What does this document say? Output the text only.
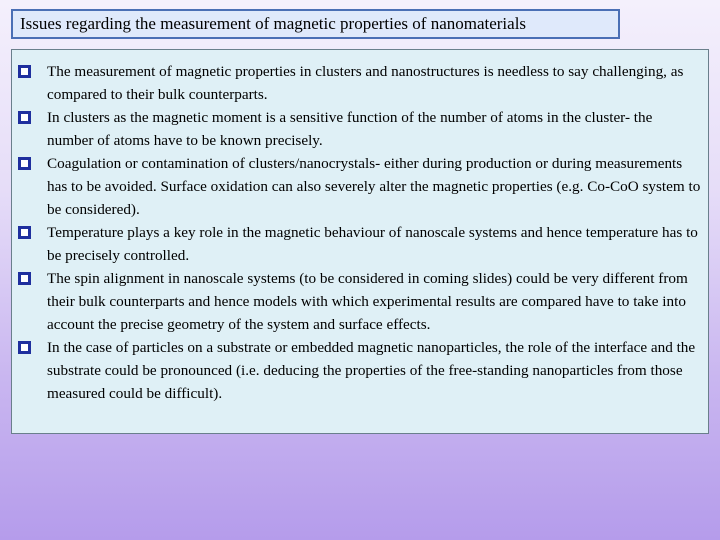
Issues regarding the measurement of magnetic properties of nanomaterials
The measurement of magnetic properties in clusters and nanostructures is needless to say challenging, as compared to their bulk counterparts.
In clusters as the magnetic moment is a sensitive function of the number of atoms in the cluster- the number of atoms have to be known precisely.
Coagulation or contamination of clusters/nanocrystals- either during production or during measurements has to be avoided. Surface oxidation can also severely alter the magnetic properties (e.g. Co-CoO system to be considered).
Temperature plays a key role in the magnetic behaviour of nanoscale systems and hence temperature has to be precisely controlled.
The spin alignment in nanoscale systems (to be considered in coming slides) could be very different from their bulk counterparts and hence models with which experimental results are compared have to take into account the precise geometry of the system and surface effects.
In the case of particles on a substrate or embedded magnetic nanoparticles, the role of the interface and the substrate could be pronounced (i.e. deducing the properties of the free-standing nanoparticles from those measured could be difficult).
